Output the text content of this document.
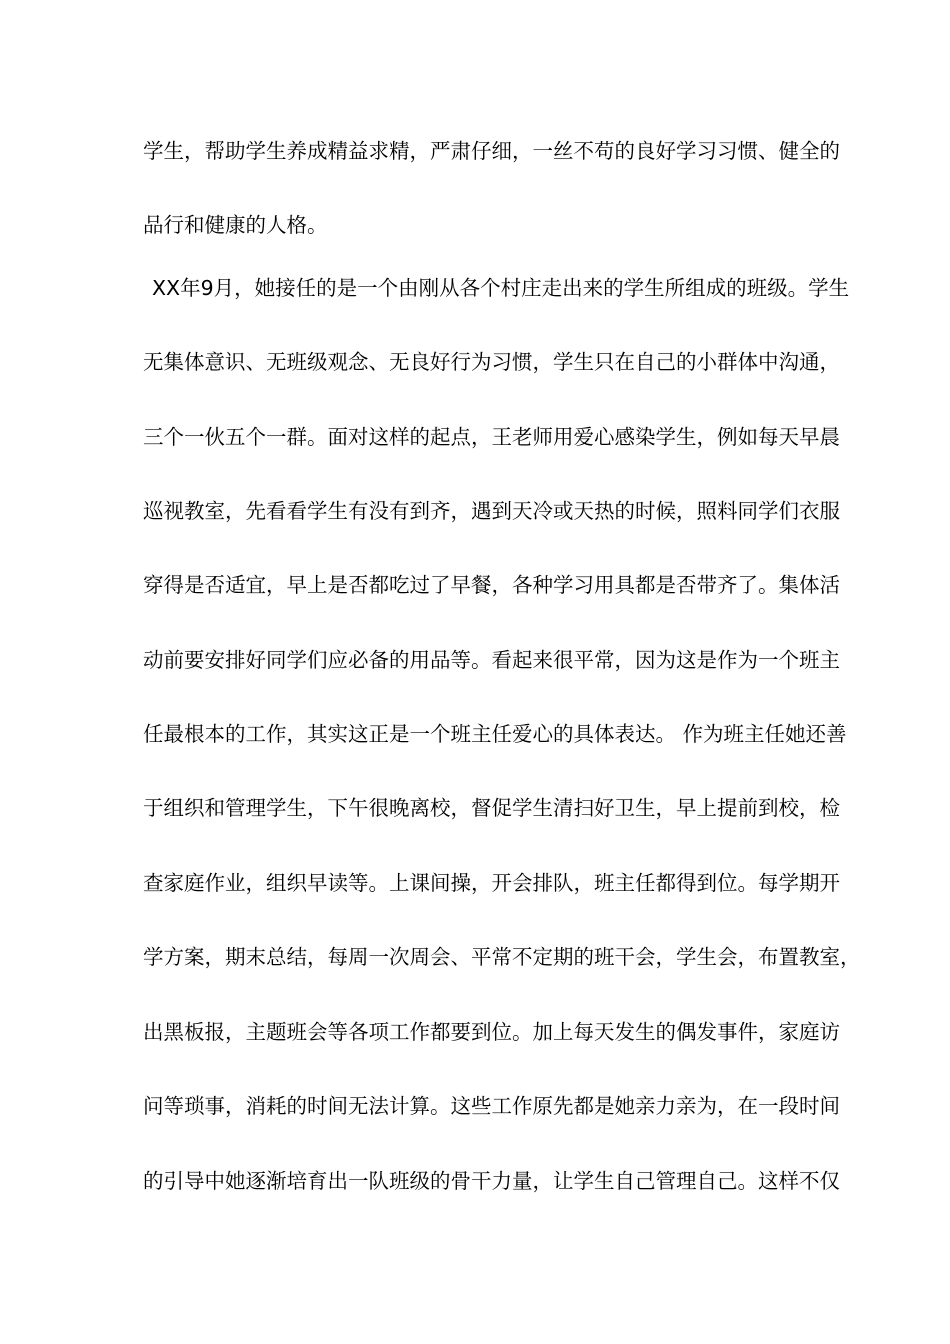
学生，帮助学生养成精益求精，严肃仔细，一丝不苟的良好学习习惯、健全的
品行和健康的人格。
XX年9月，她接任的是一个由刚从各个村庄走出来的学生所组成的班级。学生
无集体意识、无班级观念、无良好行为习惯，学生只在自己的小群体中沟通，
三个一伙五个一群。面对这样的起点，王老师用爱心感染学生，例如每天早晨
巡视教室，先看看学生有没有到齐，遇到天冷或天热的时候，照料同学们衣服
穿得是否适宜，早上是否都吃过了早餐，各种学习用具都是否带齐了。集体活
动前要安排好同学们应必备的用品等。看起来很平常，因为这是作为一个班主
任最根本的工作，其实这正是一个班主任爱心的具体表达。 作为班主任她还善
于组织和管理学生，下午很晚离校，督促学生清扫好卫生，早上提前到校，检
查家庭作业，组织早读等。上课间操，开会排队，班主任都得到位。每学期开
学方案，期末总结，每周一次周会、平常不定期的班干会，学生会，布置教室，
出黑板报，主题班会等各项工作都要到位。加上每天发生的偶发事件，家庭访
问等琐事，消耗的时间无法计算。这些工作原先都是她亲力亲为，在一段时间
的引导中她逐渐培育出一队班级的骨干力量，让学生自己管理自己。这样不仅
